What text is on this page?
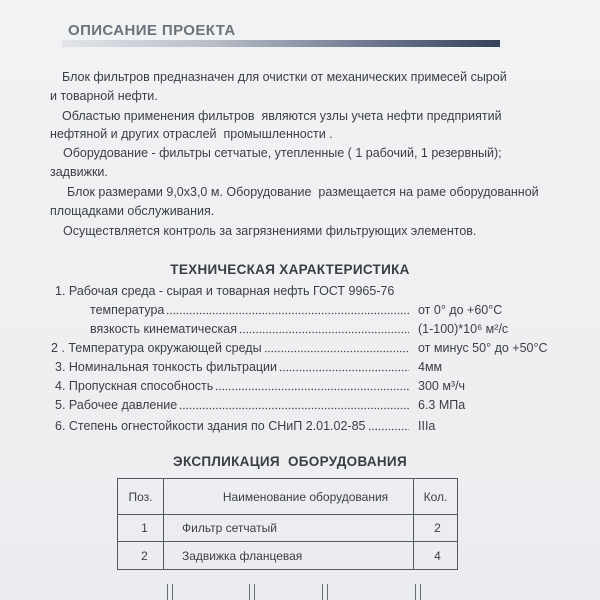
ОПИСАНИЕ ПРОЕКТА
Блок фильтров предназначен для очистки от механических примесей сырой
и товарной нефти.
Областью применения фильтров  являются узлы учета нефти предприятий
нефтяной и других отраслей  промышленности .
Оборудование - фильтры сетчатые, утепленные ( 1 рабочий, 1 резервный);
задвижки.
Блок размерами 9,0х3,0 м. Оборудование  размещается на раме оборудованной
площадками обслуживания.
Осуществляется контроль за загрязнениями фильтрующих элементов.
ТЕХНИЧЕСКАЯ ХАРАКТЕРИСТИКА
1. Рабочая среда - сырая и товарная нефть ГОСТ 9965-76
температура	от 0° до +60°С
вязкость кинематическая	(1-100)*10⁶ м²/с
2 . Температура окружающей среды	от минус 50° до +50°С
3. Номинальная тонкость фильтрации	4мм
4. Пропускная способность	300 м³/ч
5. Рабочее давление	6.3 МПа
6. Степень огнестойкости здания по СНиП 2.01.02-85	IIIа
ЭКСПЛИКАЦИЯ  ОБОРУДОВАНИЯ
Поз.	Наименование оборудования	Кол.
1	Фильтр сетчатый	2
2	Задвижка фланцевая	4
